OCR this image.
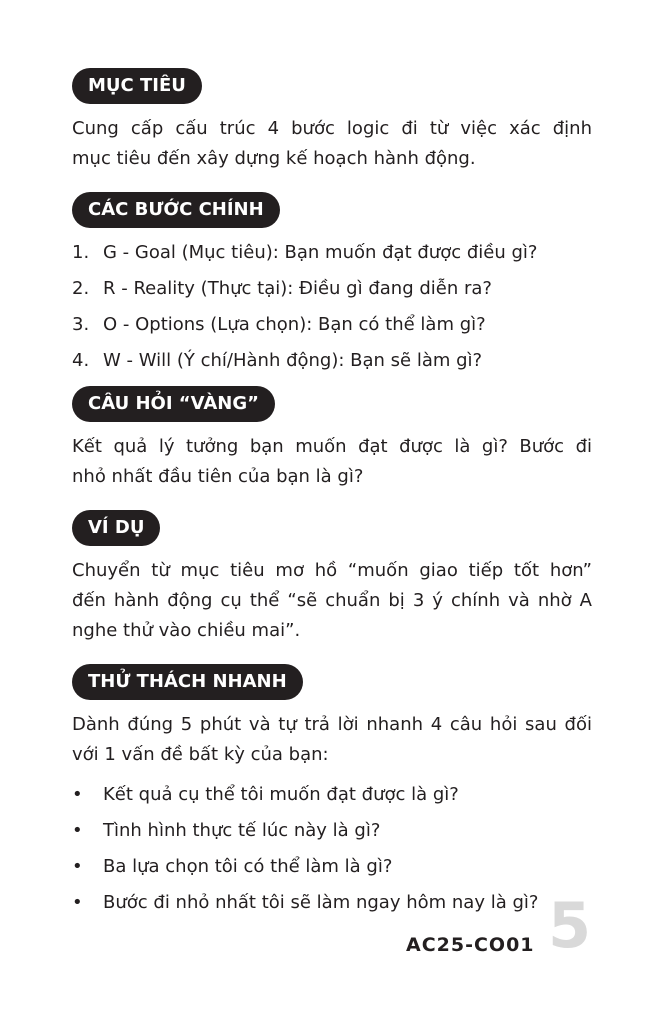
MỤC TIÊU
Cung cấp cấu trúc 4 bước logic đi từ việc xác định
mục tiêu đến xây dựng kế hoạch hành động.
CÁC BƯỚC CHÍNH
1. G - Goal (Mục tiêu): Bạn muốn đạt được điều gì?
2. R - Reality (Thực tại): Điều gì đang diễn ra?
3. O - Options (Lựa chọn): Bạn có thể làm gì?
4. W - Will (Ý chí/Hành động): Bạn sẽ làm gì?
CÂU HỎI “VÀNG”
Kết quả lý tưởng bạn muốn đạt được là gì? Bước đi
nhỏ nhất đầu tiên của bạn là gì?
VÍ DỤ
Chuyển từ mục tiêu mơ hồ “muốn giao tiếp tốt hơn”
đến hành động cụ thể “sẽ chuẩn bị 3 ý chính và nhờ A
nghe thử vào chiều mai”.
THỬ THÁCH NHANH
Dành đúng 5 phút và tự trả lời nhanh 4 câu hỏi sau đối
với 1 vấn đề bất kỳ của bạn:
•	Kết quả cụ thể tôi muốn đạt được là gì?
•	Tình hình thực tế lúc này là gì?
•	Ba lựa chọn tôi có thể làm là gì?
•	Bước đi nhỏ nhất tôi sẽ làm ngay hôm nay là gì? 5
AC25-CO01
